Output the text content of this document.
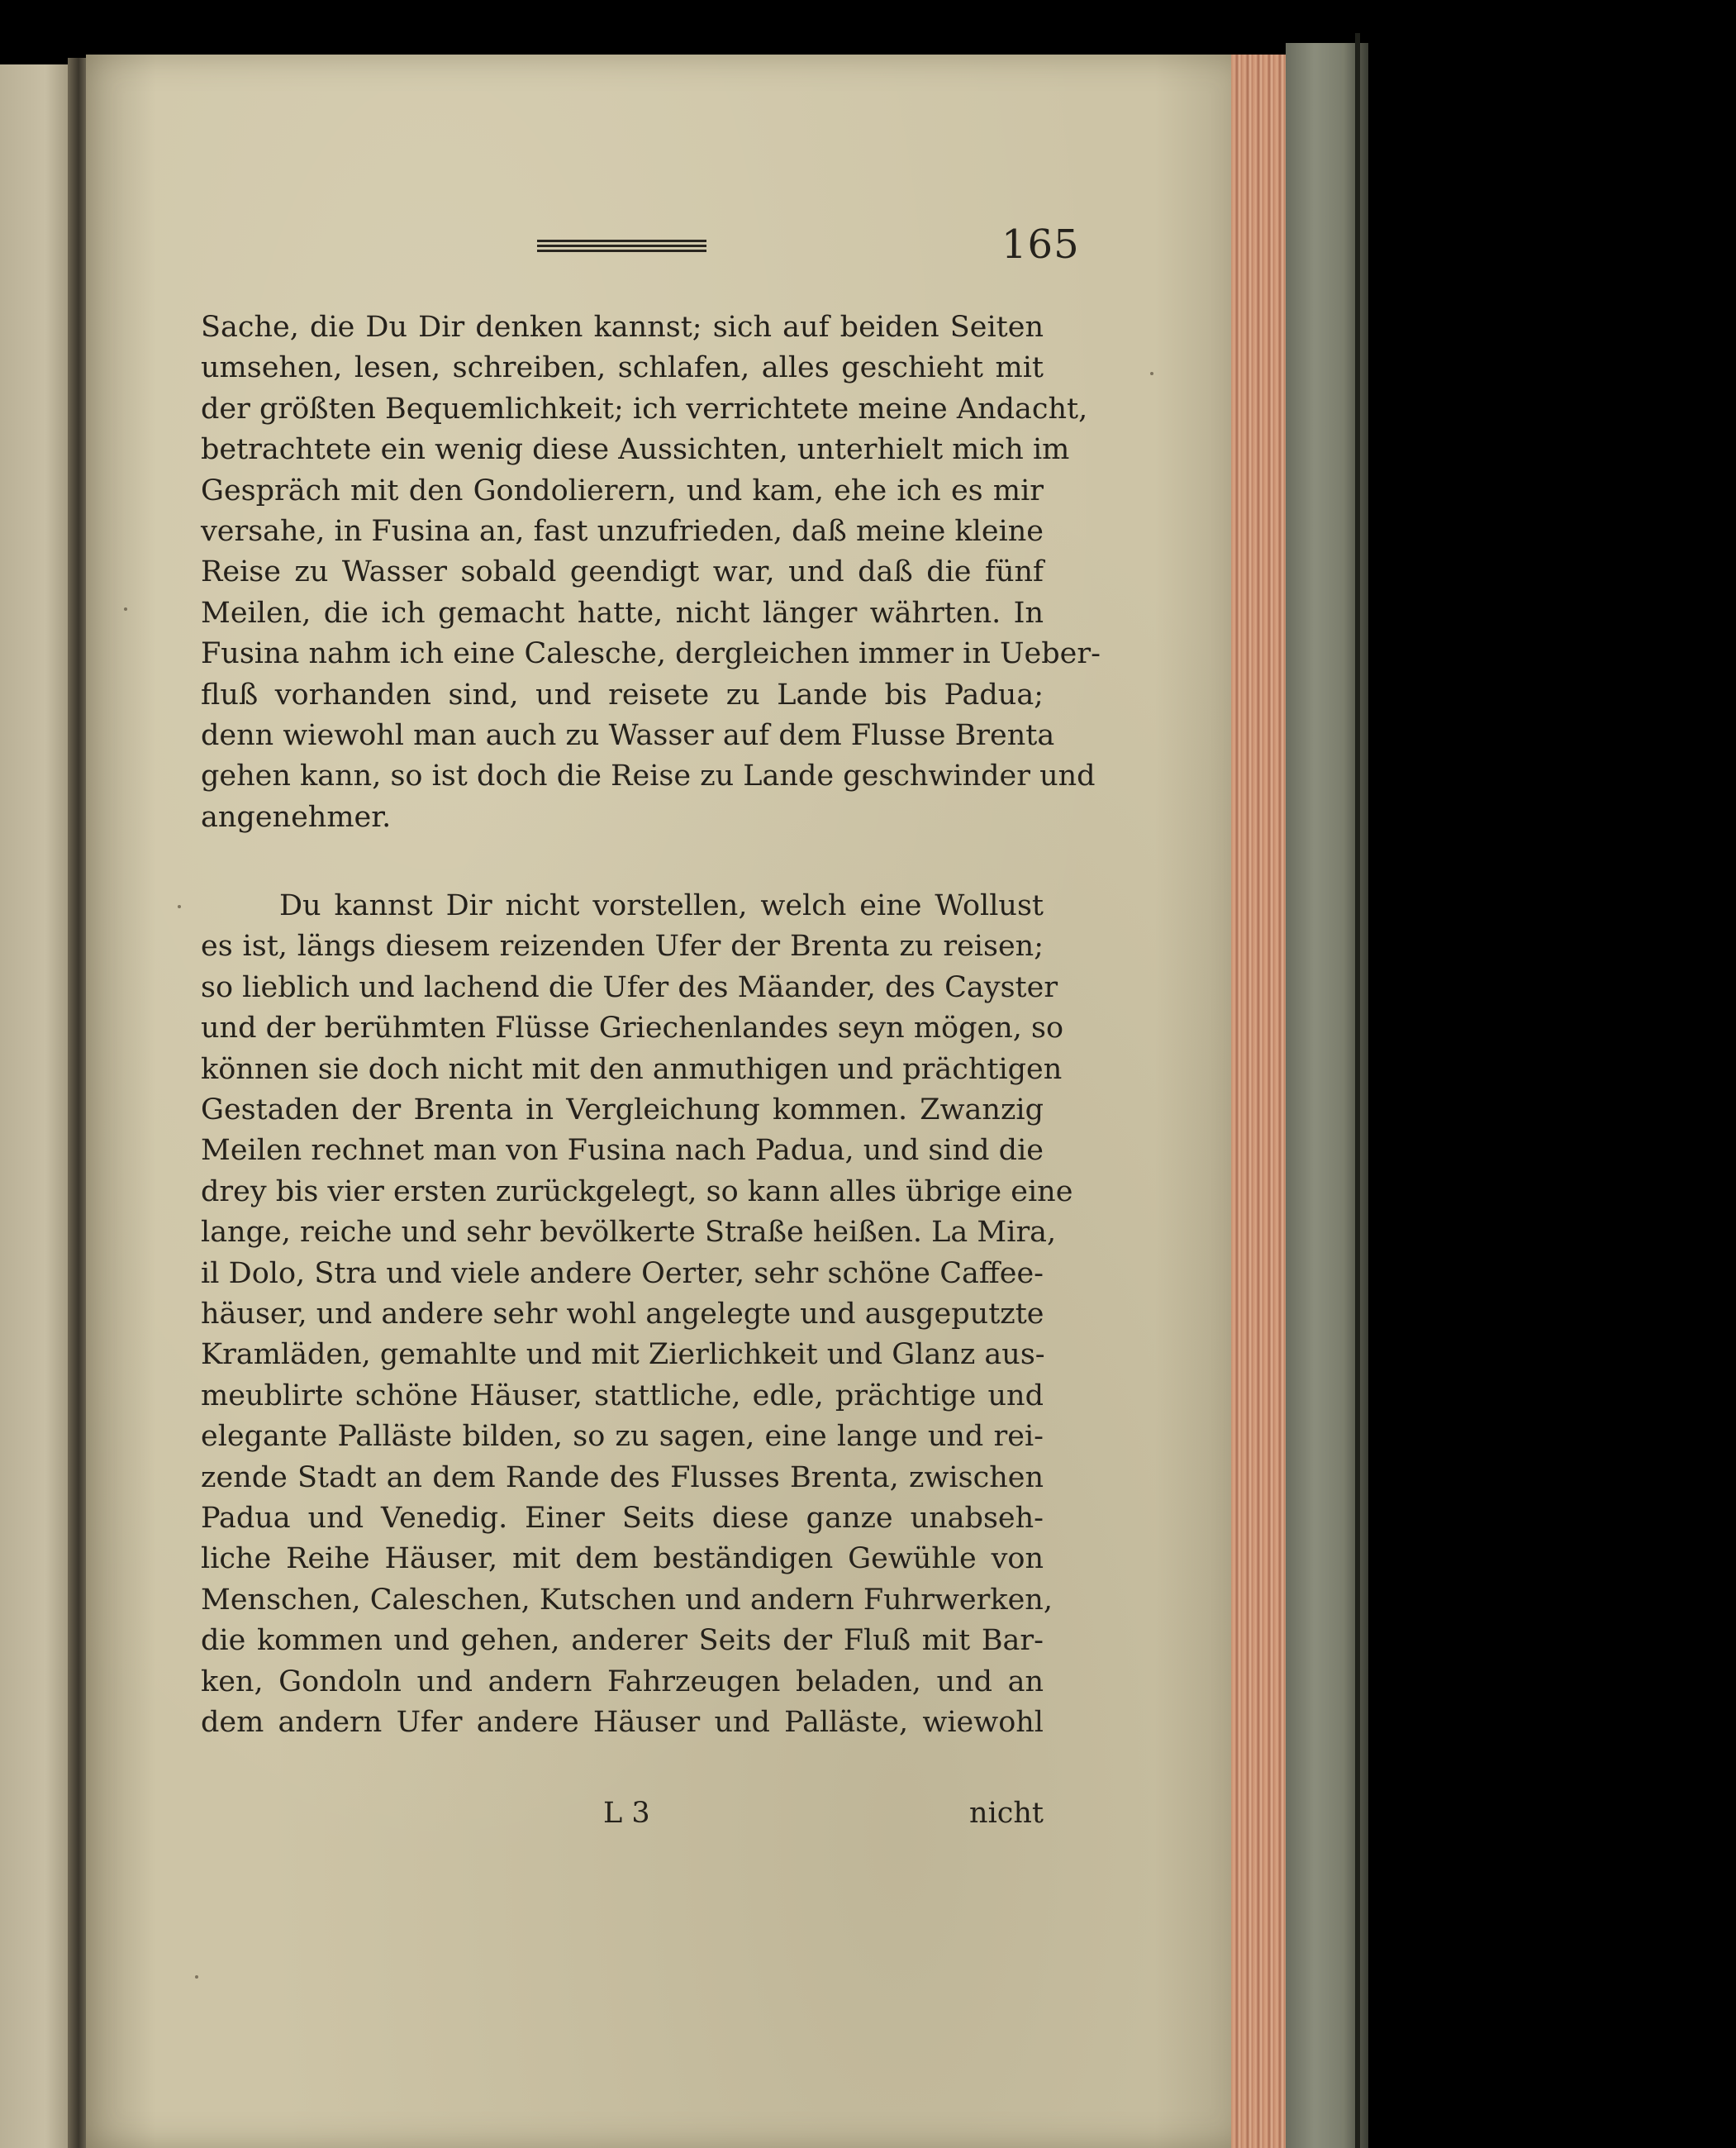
165
Sache, die Du Dir denken kannst; sich auf beiden Seiten
umsehen, lesen, schreiben, schlafen, alles geschieht mit
der größten Bequemlichkeit; ich verrichtete meine Andacht,
betrachtete ein wenig diese Aussichten, unterhielt mich im
Gespräch mit den Gondolierern, und kam, ehe ich es mir
versahe, in Fusina an, fast unzufrieden, daß meine kleine
Reise zu Wasser sobald geendigt war, und daß die fünf
Meilen, die ich gemacht hatte, nicht länger währten. In
Fusina nahm ich eine Calesche, dergleichen immer in Ueber-
fluß vorhanden sind, und reisete zu Lande bis Padua;
denn wiewohl man auch zu Wasser auf dem Flusse Brenta
gehen kann, so ist doch die Reise zu Lande geschwinder und
angenehmer.
Du kannst Dir nicht vorstellen, welch eine Wollust
es ist, längs diesem reizenden Ufer der Brenta zu reisen;
so lieblich und lachend die Ufer des Mäander, des Cayster
und der berühmten Flüsse Griechenlandes seyn mögen, so
können sie doch nicht mit den anmuthigen und prächtigen
Gestaden der Brenta in Vergleichung kommen. Zwanzig
Meilen rechnet man von Fusina nach Padua, und sind die
drey bis vier ersten zurückgelegt, so kann alles übrige eine
lange, reiche und sehr bevölkerte Straße heißen. La Mira,
il Dolo, Stra und viele andere Oerter, sehr schöne Caffee-
häuser, und andere sehr wohl angelegte und ausgeputzte
Kramläden, gemahlte und mit Zierlichkeit und Glanz aus-
meublirte schöne Häuser, stattliche, edle, prächtige und
elegante Palläste bilden, so zu sagen, eine lange und rei-
zende Stadt an dem Rande des Flusses Brenta, zwischen
Padua und Venedig. Einer Seits diese ganze unabseh-
liche Reihe Häuser, mit dem beständigen Gewühle von
Menschen, Caleschen, Kutschen und andern Fuhrwerken,
die kommen und gehen, anderer Seits der Fluß mit Bar-
ken, Gondoln und andern Fahrzeugen beladen, und an
dem andern Ufer andere Häuser und Palläste, wiewohl
L 3	nicht
